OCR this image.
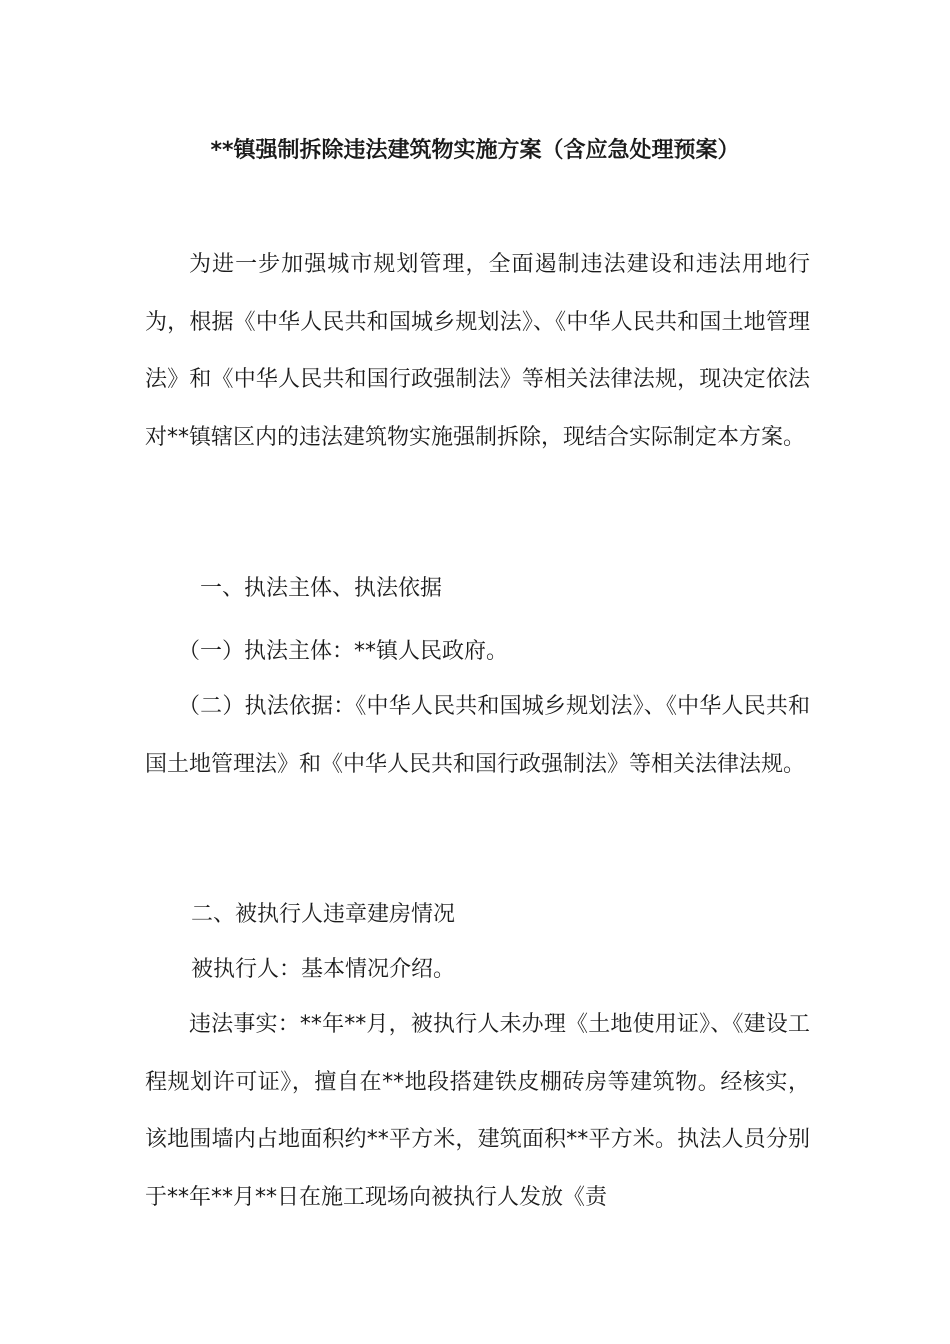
**镇强制拆除违法建筑物实施方案（含应急处理预案）

为进一步加强城市规划管理，全面遏制违法建设和违法用地行为，根据《中华人民共和国城乡规划法》、《中华人民共和国土地管理法》和《中华人民共和国行政强制法》等相关法律法规，现决定依法对**镇辖区内的违法建筑物实施强制拆除，现结合实际制定本方案。

一、执法主体、执法依据
（一）执法主体：**镇人民政府。

（二）执法依据：《中华人民共和国城乡规划法》、《中华人民共和国土地管理法》和《中华人民共和国行政强制法》等相关法律法规。

二、被执行人违章建房情况
被执行人：基本情况介绍。

违法事实：**年**月，被执行人未办理《土地使用证》、《建设工程规划许可证》，擅自在**地段搭建铁皮棚砖房等建筑物。经核实，该地围墙内占地面积约**平方米，建筑面积**平方米。执法人员分别于**年**月**日在施工现场向被执行人发放《责
